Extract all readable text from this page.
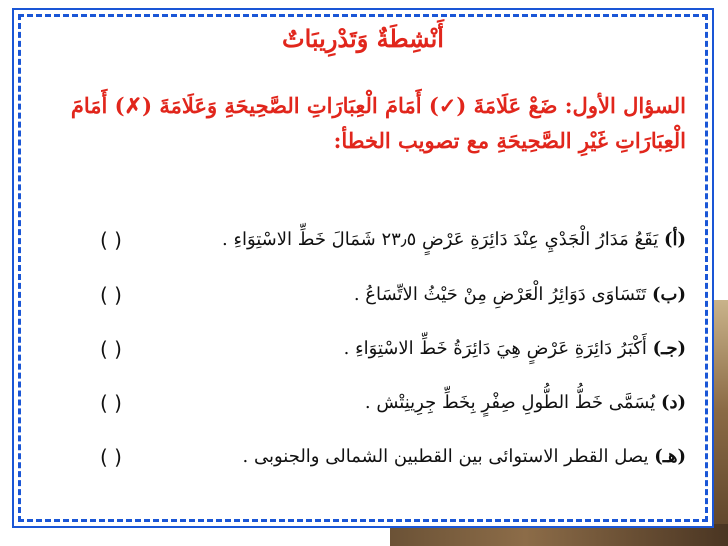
أَنْشِطَةٌ وَتَدْرِيبَاتٌ
السؤال الأول: ضَعْ عَلَامَةَ (✓) أَمَامَ الْعِبَارَاتِ الصَّحِيحَةِ وَعَلَامَةَ (✗) أَمَامَ الْعِبَارَاتِ غَيْرِ الصَّحِيحَةِ مع تصويب الخطأ:
( )	(أ) يَقَعُ مَدَارُ الْجَدْيِ عِنْدَ دَائِرَةِ عَرْضٍ ٢٣٫٥ شَمَالَ خَطِّ الاسْتِوَاءِ .
( )	(ب) تَتَسَاوَى دَوَائِرُ الْعَرْضِ مِنْ حَيْثُ الاتِّسَاعُ .
( )	(جـ) أَكْبَرُ دَائِرَةِ عَرْضٍ هِيَ دَائِرَةُ خَطِّ الاسْتِوَاءِ .
( )	(د) يُسَمَّى خَطُّ الطُّولِ صِفْرٍ بِخَطِّ جِرِينِتْش .
( )	(هـ) يصل القطر الاستوائى بين القطبين الشمالى والجنوبى .
